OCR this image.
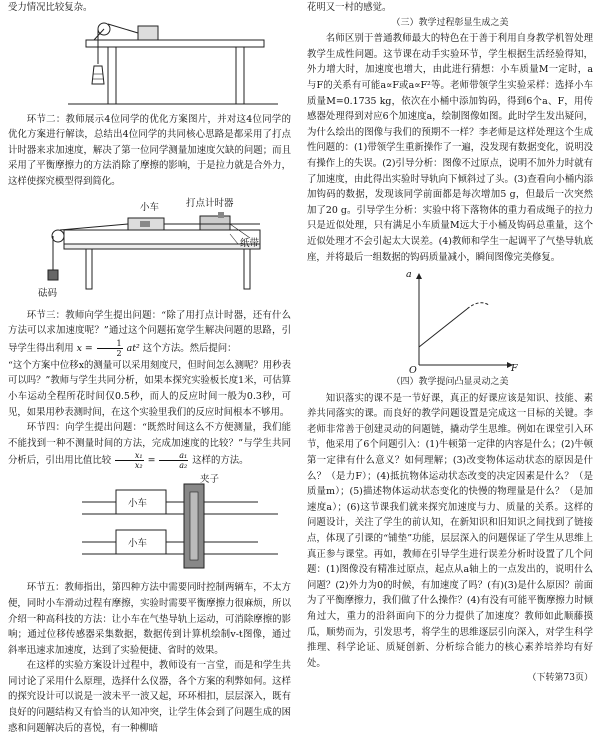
受力情况比较复杂。

环节二：教师展示4位同学的优化方案图片，并对这4位同学的优化方案进行解读，总结出4位同学的共同核心思路是都采用了打点计时器来求加速度，解决了第一位同学测量加速度欠缺的问题；而且采用了平衡摩擦力的方法消除了摩擦的影响，于是拉力就是合外力，这样使探究模型得到简化。

小车	打点计时器
纸带
砝码

环节三：教师向学生提出问题：“除了用打点计时器，还有什么方法可以求加速度呢？”通过这个问题拓宽学生解决问题的思路，引导学生得出利用 $x = \frac{1}{2} at^2$ 这个方法。然后提问：

“这个方案中位移x的测量可以采用刻度尺，但时间怎么测呢？用秒表可以吗？”教师与学生共同分析，如果本探究实验板长度1米，可估算小车运动全程所花时间仅0.5秒，而人的反应时间一般为0.3秒，可见，如果用秒表测时间，在这个实验里我们的反应时间根本不够用。

环节四：向学生提出问题：“既然时间这么不方便测量，我们能不能找到一种不测量时间的方法，完成加速度的比较？”与学生共同分析后，引出用比值比较 $\frac{\text{x₁}}{\text{x₂}} = \frac{\text{a₁}}{\text{a₂}}$ 这样的方法。

夹子
小车
小车

环节五：教师指出，第四种方法中需要同时控制两辆车，不太方便，同时小车滑动过程有摩擦，实验时需要平衡摩擦力很麻烦，所以介绍一种高科技的方法：让小车在气垫导轨上运动，可消除摩擦的影响；通过位移传感器采集数据，数据传到计算机绘制v-t图像，通过斜率迅速求加速度，达到了实验便捷、省时的效果。

在这样的实验方案设计过程中，教师设有一言堂，而是和学生共同讨论了采用什么原理，选择什么仪器，各个方案的利弊如何。这样的探究设计可以说是一波未平一波又起，环环相扣，层层深入，既有良好的问题结构又有恰当的认知冲突，让学生体会到了问题生成的困惑和问题解决后的喜悦，有一种柳暗

花明又一村的感觉。

（三）教学过程彰显生成之美

名师区别于普通教师最大的特色在于善于利用自身教学机智处理教学生成性问题。这节课在动手实验环节，学生根据生活经验得知，外力增大时，加速度也增大，由此进行猜想：小车质量M一定时，a与F的关系有可能a∝F或a∝F²等。老师带领学生实验采样：选择小车质量M=0.1735 kg，依次在小桶中添加钩码，得到6个a、F，用传感器处理得到对应6个加速度a，绘制图像如图。此时学生发出疑问，为什么绘出的图像与我们的预期不一样？李老师是这样处理这个生成性问题的：(1)带领学生重新操作了一遍，没发现有数据变化，说明没有操作上的失误。(2)引导分析：图像不过原点，说明不加外力时就有了加速度，由此得出实验时导轨向下倾斜过了头。(3)查看向小桶内添加钩码的数据，发现该同学前面都是每次增加5 g，但最后一次突然加了20 g。引导学生分析：实验中将下落物体的重力看成绳子的拉力只是近似处理，只有满足小车质量M远大于小桶及钩码总重量，这个近似处理才不会引起太大误差。(4)教师和学生一起调平了气垫导轨底座，并将最后一组数据的钩码质量减小，瞬间图像完美修复。

a
F
O

（四）教学提问凸显灵动之美

知识落实的课不是一节好课，真正的好课应该是知识、技能、素养共同落实的课。而良好的教学问题设置是完成这一目标的关键。李老师非常善于创建灵动的问题链，撬动学生思维。例如在课堂引入环节，他采用了6个问题引入：(1)牛顿第一定律的内容是什么；(2)牛顿第一定律有什么意义？如何理解；(3)改变物体运动状态的原因是什么？（是力F）；(4)抵抗物体运动状态改变的决定因素是什么？（是质量m）；(5)描述物体运动状态变化的快慢的物理量是什么？（是加速度a）；(6)这节课我们就来探究加速度与力、质量的关系。这样的问题设计，关注了学生的前认知，在新知识和旧知识之间找到了链接点，体现了引课的“铺垫”功能，层层深入的问题保证了学生从思维上真正参与课堂。再如，教师在引导学生进行误差分析时设置了几个问题：(1)图像没有精准过原点，起点从a轴上的一点发出的，说明什么问题？(2)外力为0的时候，有加速度了吗？(有)(3)是什么原因？前面为了平衡摩擦力，我们做了什么操作？(4)有没有可能平衡摩擦力时倾角过大，重力的沿斜面向下的分力提供了加速度？教师如此顺藤摸瓜，顺势而为，引发思考，将学生的思维逐层引向深入，对学生科学推理、科学论证、质疑创新、分析综合能力的核心素养培养均有好处。

（下转第73页）
